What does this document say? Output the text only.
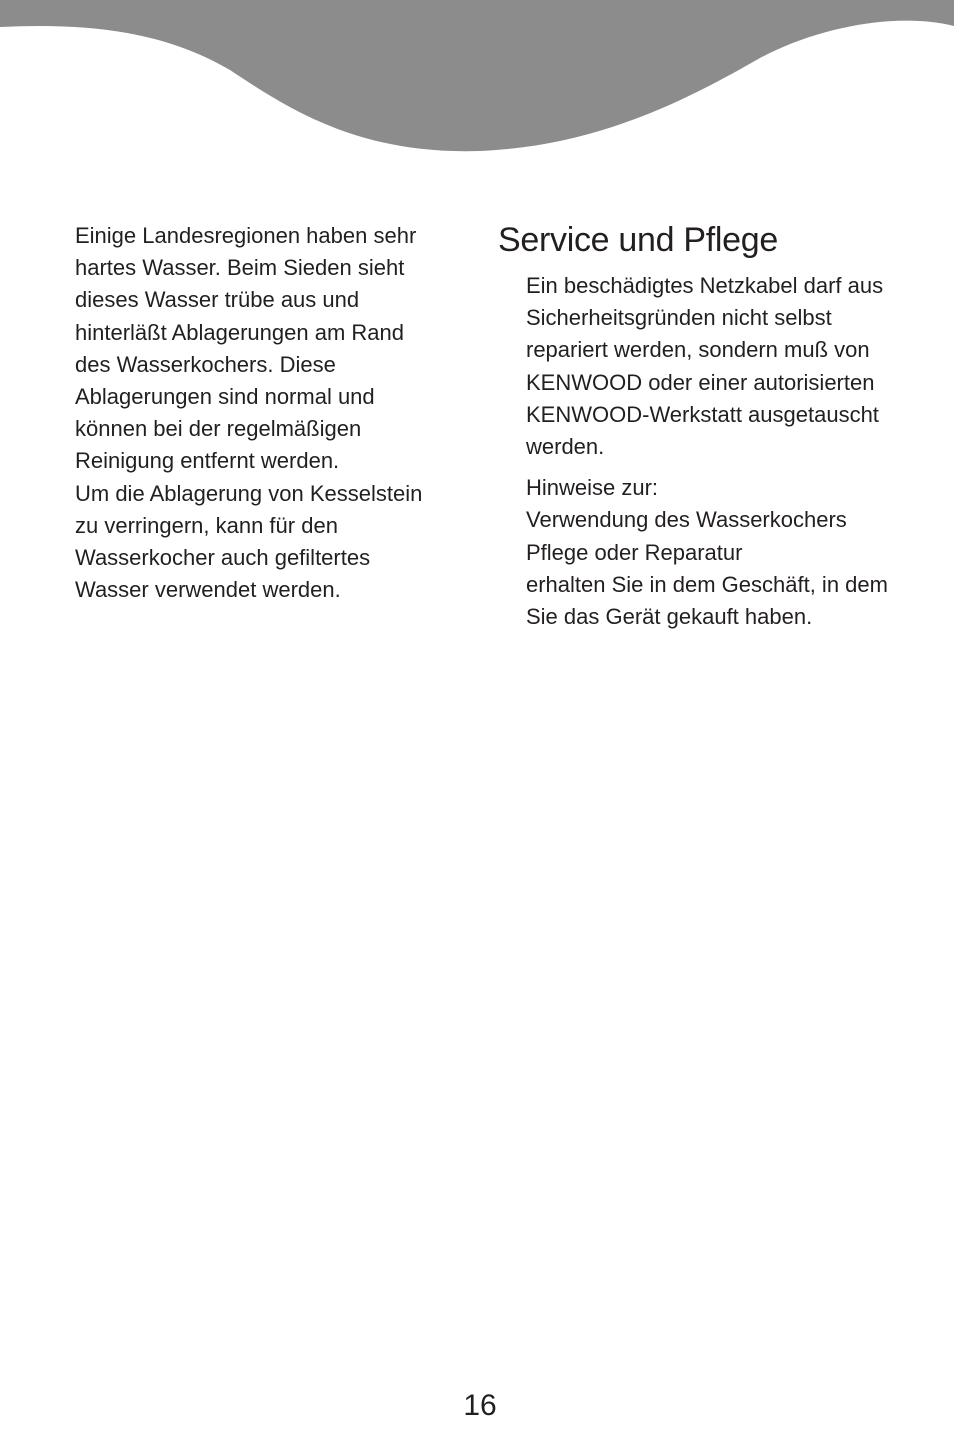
Einige Landesregionen haben sehr
hartes Wasser. Beim Sieden sieht
dieses Wasser trübe aus und
hinterläßt Ablagerungen am Rand
des Wasserkochers. Diese
Ablagerungen sind normal und
können bei der regelmäßigen
Reinigung entfernt werden.

Um die Ablagerung von Kesselstein
zu verringern, kann für den
Wasserkocher auch gefiltertes
Wasser verwendet werden.

Service und Pflege

Ein beschädigtes Netzkabel darf aus
Sicherheitsgründen nicht selbst
repariert werden, sondern muß von
KENWOOD oder einer autorisierten
KENWOOD-Werkstatt ausgetauscht
werden.

Hinweise zur:
Verwendung des Wasserkochers
Pflege oder Reparatur
erhalten Sie in dem Geschäft, in dem
Sie das Gerät gekauft haben.

16
